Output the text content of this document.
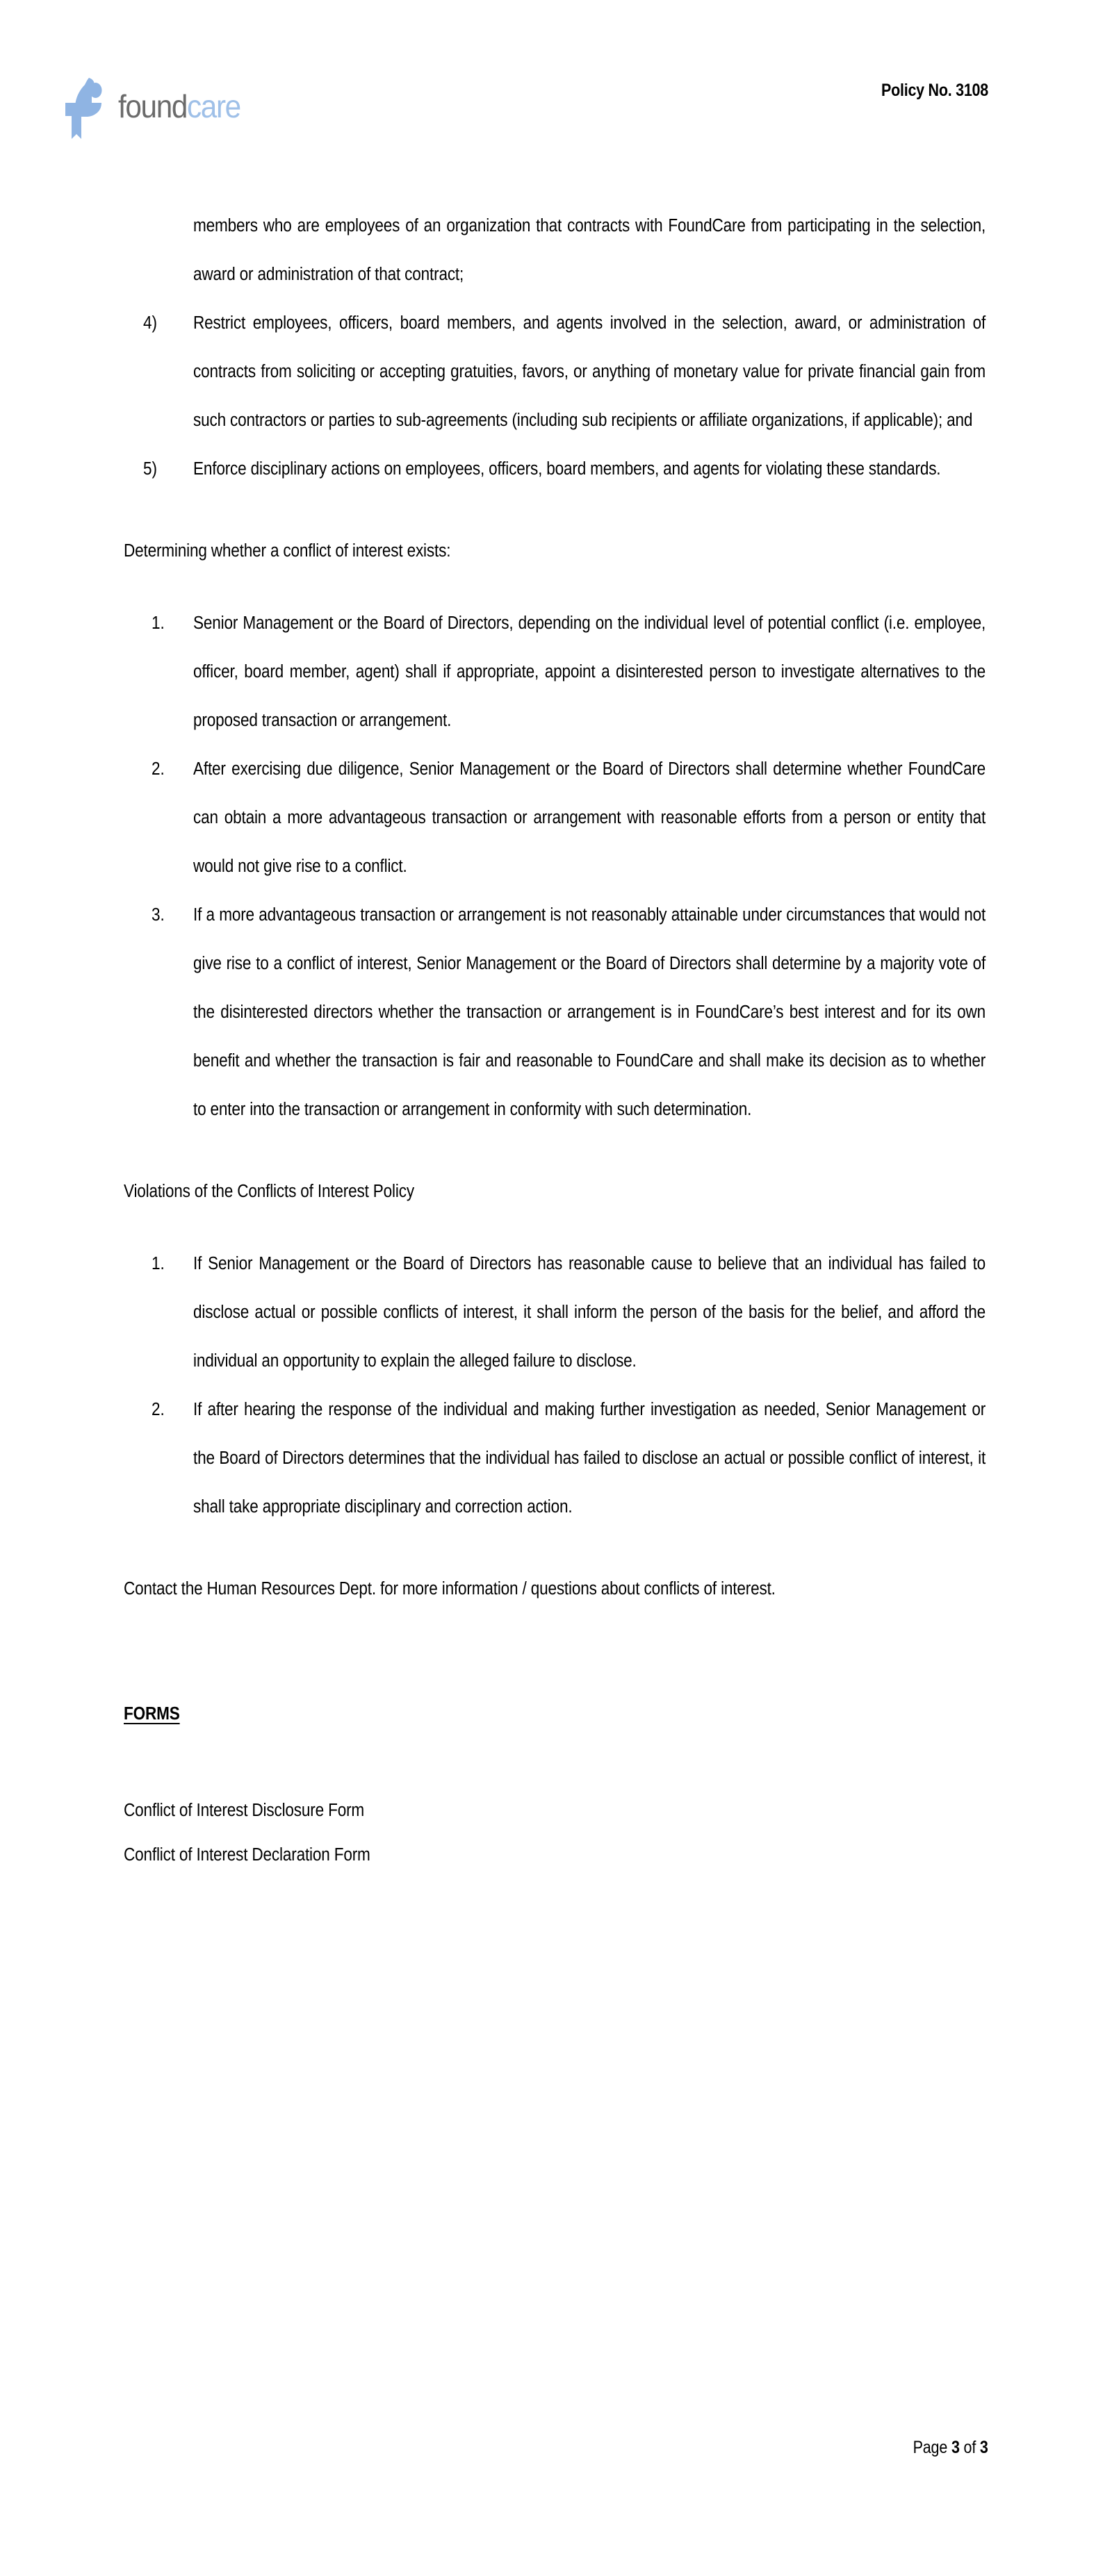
foundcare	Policy No. 3108
members who are employees of an organization that contracts with FoundCare from participating in the selection, award or administration of that contract;
4) Restrict employees, officers, board members, and agents involved in the selection, award, or administration of contracts from soliciting or accepting gratuities, favors, or anything of monetary value for private financial gain from such contractors or parties to sub-agreements (including sub recipients or affiliate organizations, if applicable); and
5) Enforce disciplinary actions on employees, officers, board members, and agents for violating these standards.
Determining whether a conflict of interest exists:
1. Senior Management or the Board of Directors, depending on the individual level of potential conflict (i.e. employee, officer, board member, agent) shall if appropriate, appoint a disinterested person to investigate alternatives to the proposed transaction or arrangement.
2. After exercising due diligence, Senior Management or the Board of Directors shall determine whether FoundCare can obtain a more advantageous transaction or arrangement with reasonable efforts from a person or entity that would not give rise to a conflict.
3. If a more advantageous transaction or arrangement is not reasonably attainable under circumstances that would not give rise to a conflict of interest, Senior Management or the Board of Directors shall determine by a majority vote of the disinterested directors whether the transaction or arrangement is in FoundCare’s best interest and for its own benefit and whether the transaction is fair and reasonable to FoundCare and shall make its decision as to whether to enter into the transaction or arrangement in conformity with such determination.
Violations of the Conflicts of Interest Policy
1. If Senior Management or the Board of Directors has reasonable cause to believe that an individual has failed to disclose actual or possible conflicts of interest, it shall inform the person of the basis for the belief, and afford the individual an opportunity to explain the alleged failure to disclose.
2. If after hearing the response of the individual and making further investigation as needed, Senior Management or the Board of Directors determines that the individual has failed to disclose an actual or possible conflict of interest, it shall take appropriate disciplinary and correction action.
Contact the Human Resources Dept. for more information / questions about conflicts of interest.
FORMS
Conflict of Interest Disclosure Form
Conflict of Interest Declaration Form
Page 3 of 3
